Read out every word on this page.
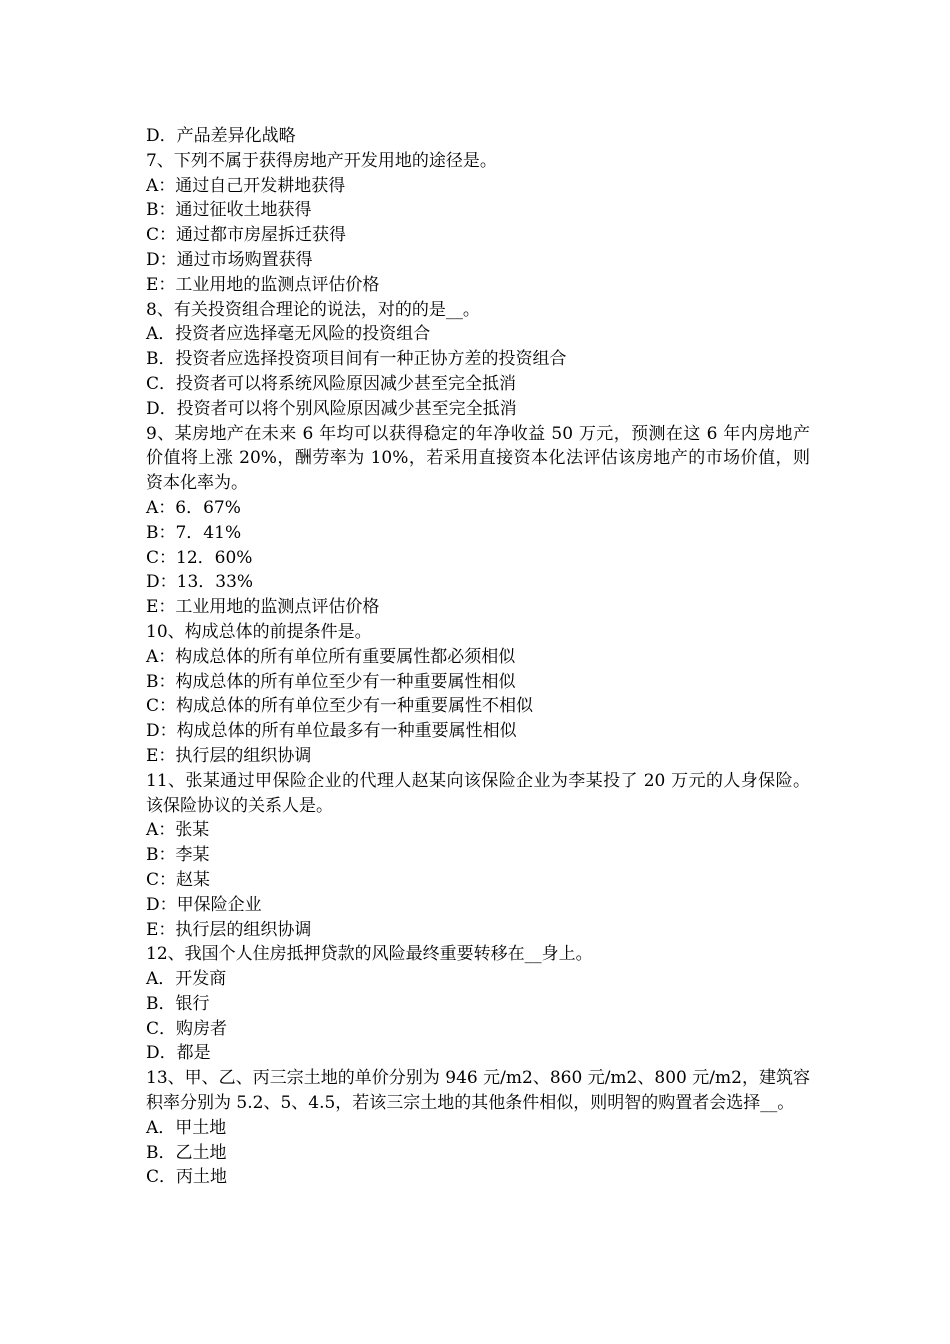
D．产品差异化战略
7、下列不属于获得房地产开发用地的途径是。
A：通过自己开发耕地获得
B：通过征收土地获得
C：通过都市房屋拆迁获得
D：通过市场购置获得
E：工业用地的监测点评估价格
8、有关投资组合理论的说法，对的的是__。
A．投资者应选择毫无风险的投资组合
B．投资者应选择投资项目间有一种正协方差的投资组合
C．投资者可以将系统风险原因减少甚至完全抵消
D．投资者可以将个别风险原因减少甚至完全抵消
9、某房地产在未来 6 年均可以获得稳定的年净收益 50 万元，预测在这 6 年内房地产价值将上涨 20%，酬劳率为 10%，若采用直接资本化法评估该房地产的市场价值，则资本化率为。
A：6．67%
B：7．41%
C：12．60%
D：13．33%
E：工业用地的监测点评估价格
10、构成总体的前提条件是。
A：构成总体的所有单位所有重要属性都必须相似
B：构成总体的所有单位至少有一种重要属性相似
C：构成总体的所有单位至少有一种重要属性不相似
D：构成总体的所有单位最多有一种重要属性相似
E：执行层的组织协调
11、张某通过甲保险企业的代理人赵某向该保险企业为李某投了 20 万元的人身保险。该保险协议的关系人是。
A：张某
B：李某
C：赵某
D：甲保险企业
E：执行层的组织协调
12、我国个人住房抵押贷款的风险最终重要转移在__身上。
A．开发商
B．银行
C．购房者
D．都是
13、甲、乙、丙三宗土地的单价分别为 946 元/m2、860 元/m2、800 元/m2，建筑容积率分别为 5.2、5、4.5，若该三宗土地的其他条件相似，则明智的购置者会选择__。
A．甲土地
B．乙土地
C．丙土地
